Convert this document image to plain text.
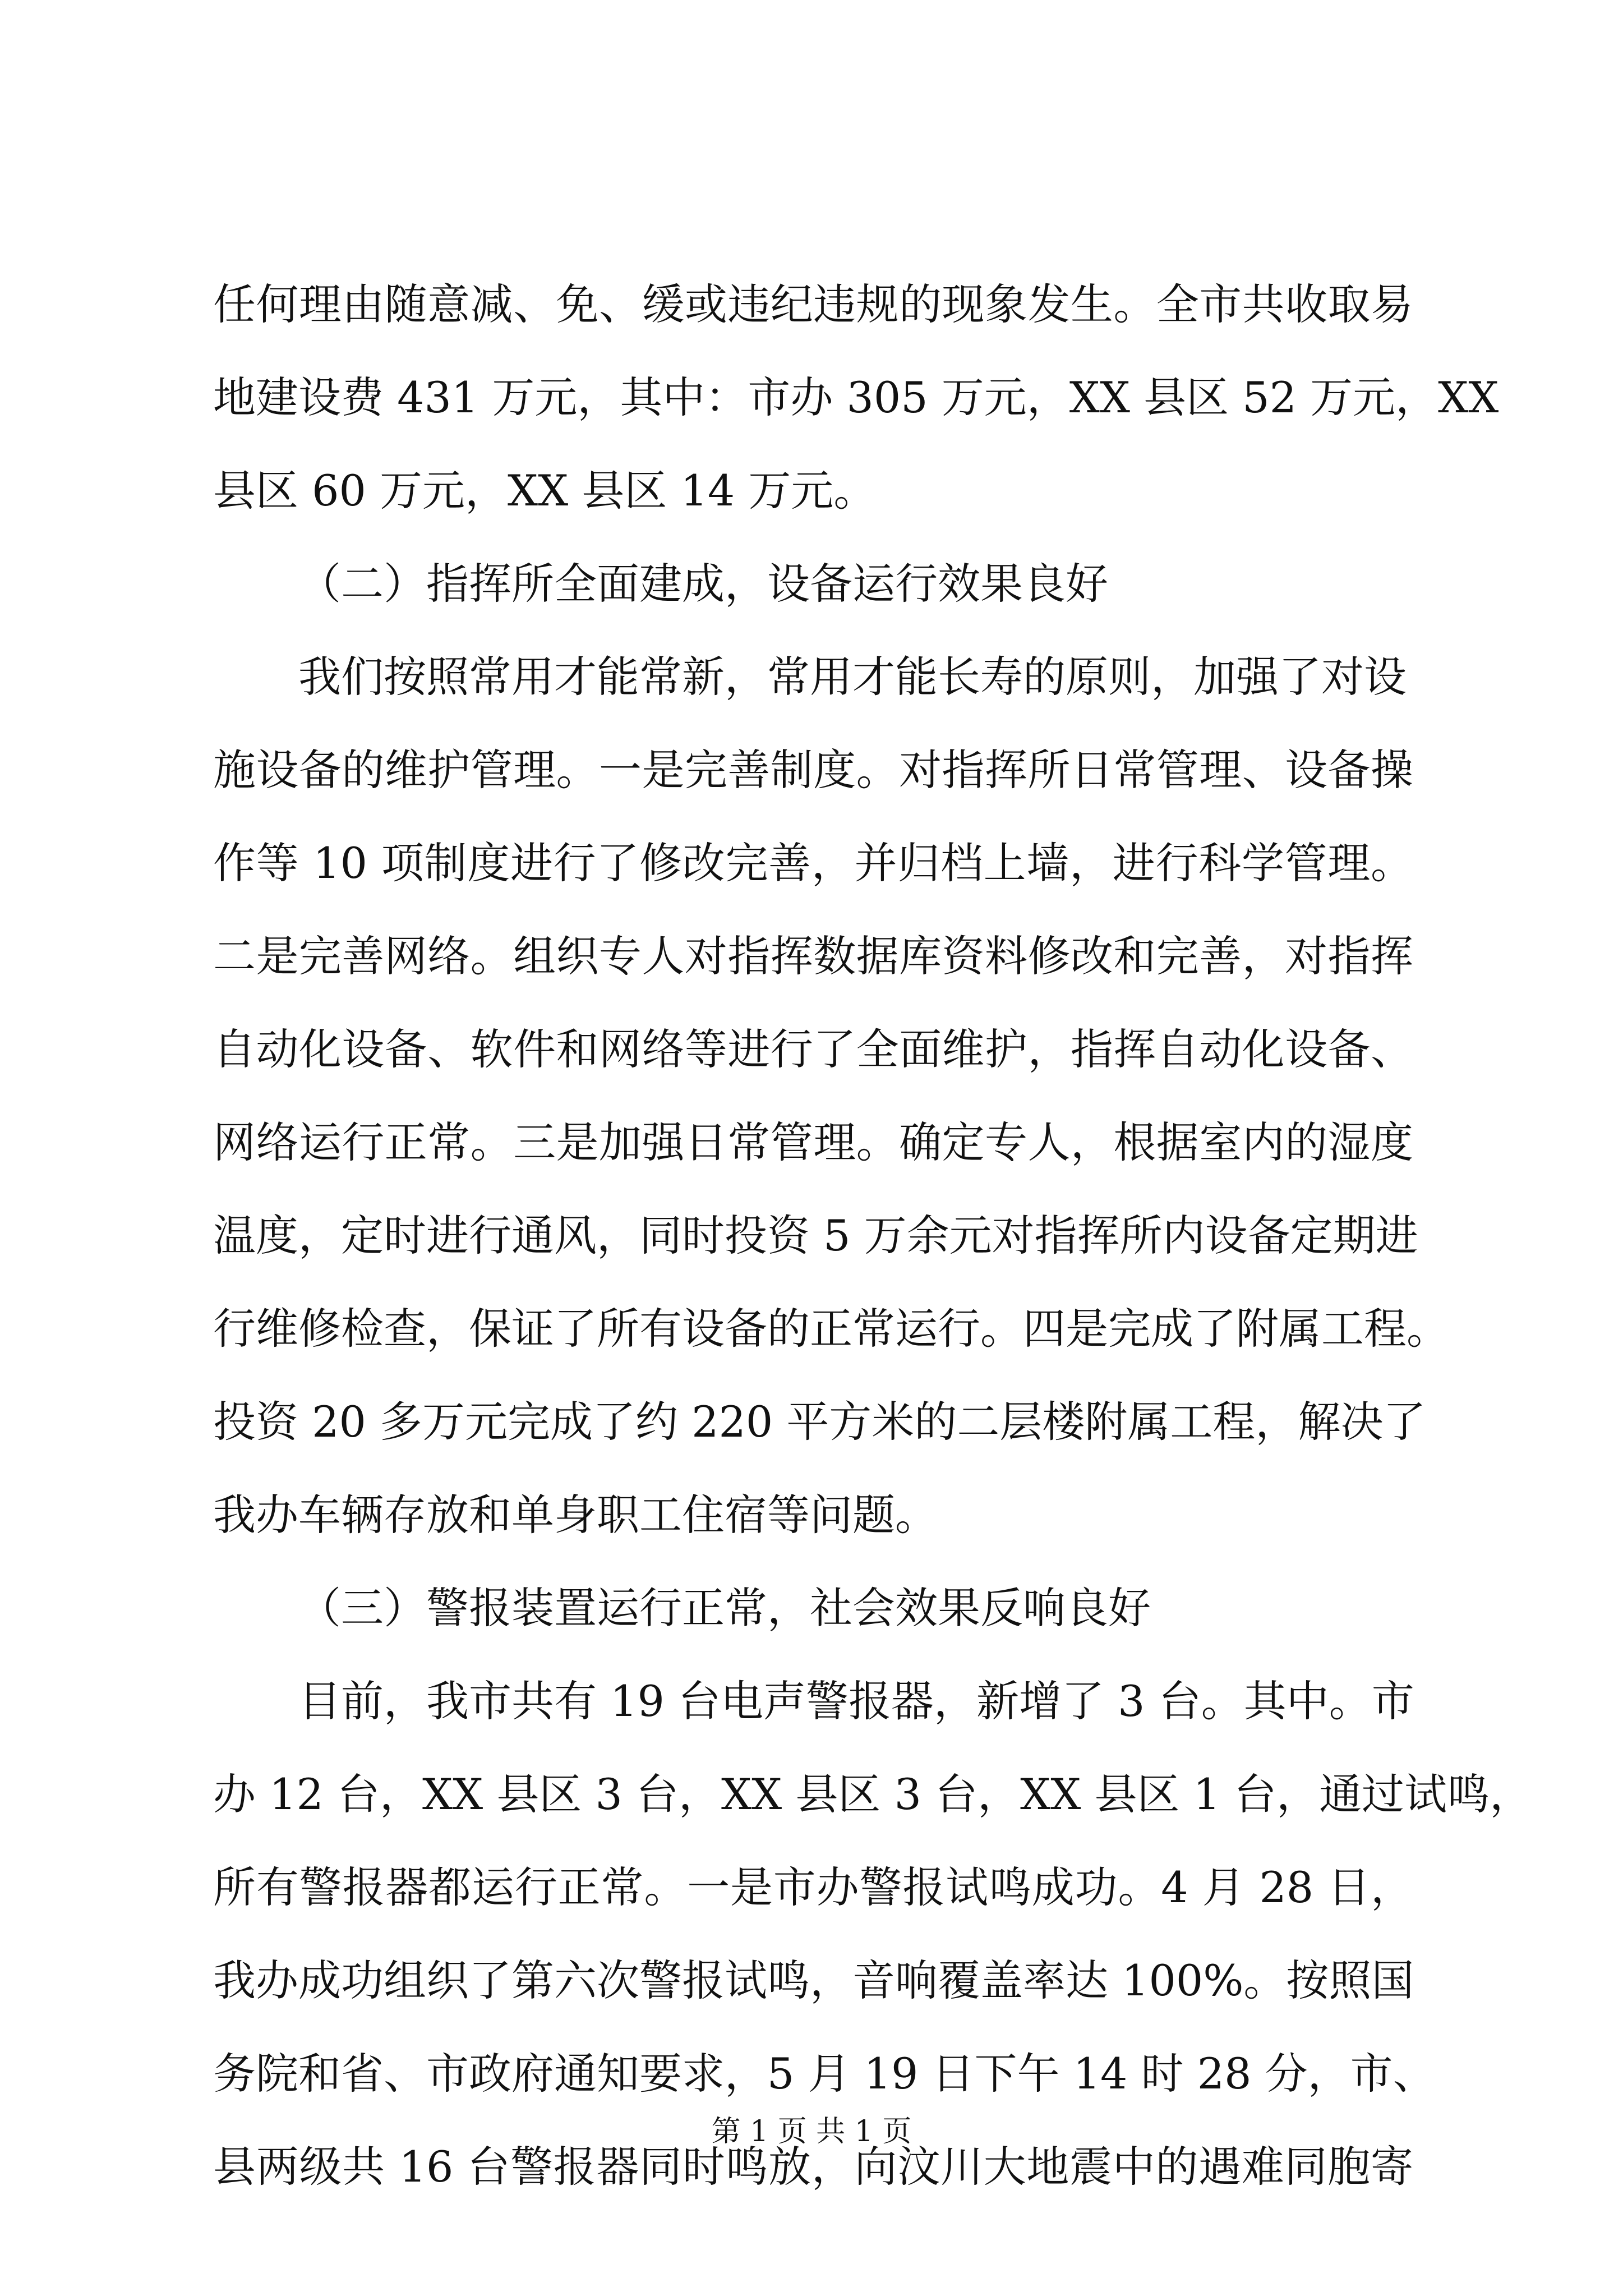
任何理由随意减、免、缓或违纪违规的现象发生。全市共收取易
地建设费 431 万元，其中：市办 305 万元，XX 县区 52 万元，XX
县区 60 万元，XX 县区 14 万元。
（二）指挥所全面建成，设备运行效果良好
我们按照常用才能常新，常用才能长寿的原则，加强了对设
施设备的维护管理。一是完善制度。对指挥所日常管理、设备操
作等 10 项制度进行了修改完善，并归档上墙，进行科学管理。
二是完善网络。组织专人对指挥数据库资料修改和完善，对指挥
自动化设备、软件和网络等进行了全面维护，指挥自动化设备、
网络运行正常。三是加强日常管理。确定专人，根据室内的湿度
温度，定时进行通风，同时投资 5 万余元对指挥所内设备定期进
行维修检查，保证了所有设备的正常运行。四是完成了附属工程。
投资 20 多万元完成了约 220 平方米的二层楼附属工程，解决了
我办车辆存放和单身职工住宿等问题。
（三）警报装置运行正常，社会效果反响良好
目前，我市共有 19 台电声警报器，新增了 3 台。其中。市
办 12 台，XX 县区 3 台，XX 县区 3 台，XX 县区 1 台，通过试鸣，
所有警报器都运行正常。一是市办警报试鸣成功。4 月 28 日，
我办成功组织了第六次警报试鸣，音响覆盖率达 100%。按照国
务院和省、市政府通知要求，5 月 19 日下午 14 时 28 分，市、
县两级共 16 台警报器同时鸣放，向汶川大地震中的遇难同胞寄
第 1 页 共 1 页
